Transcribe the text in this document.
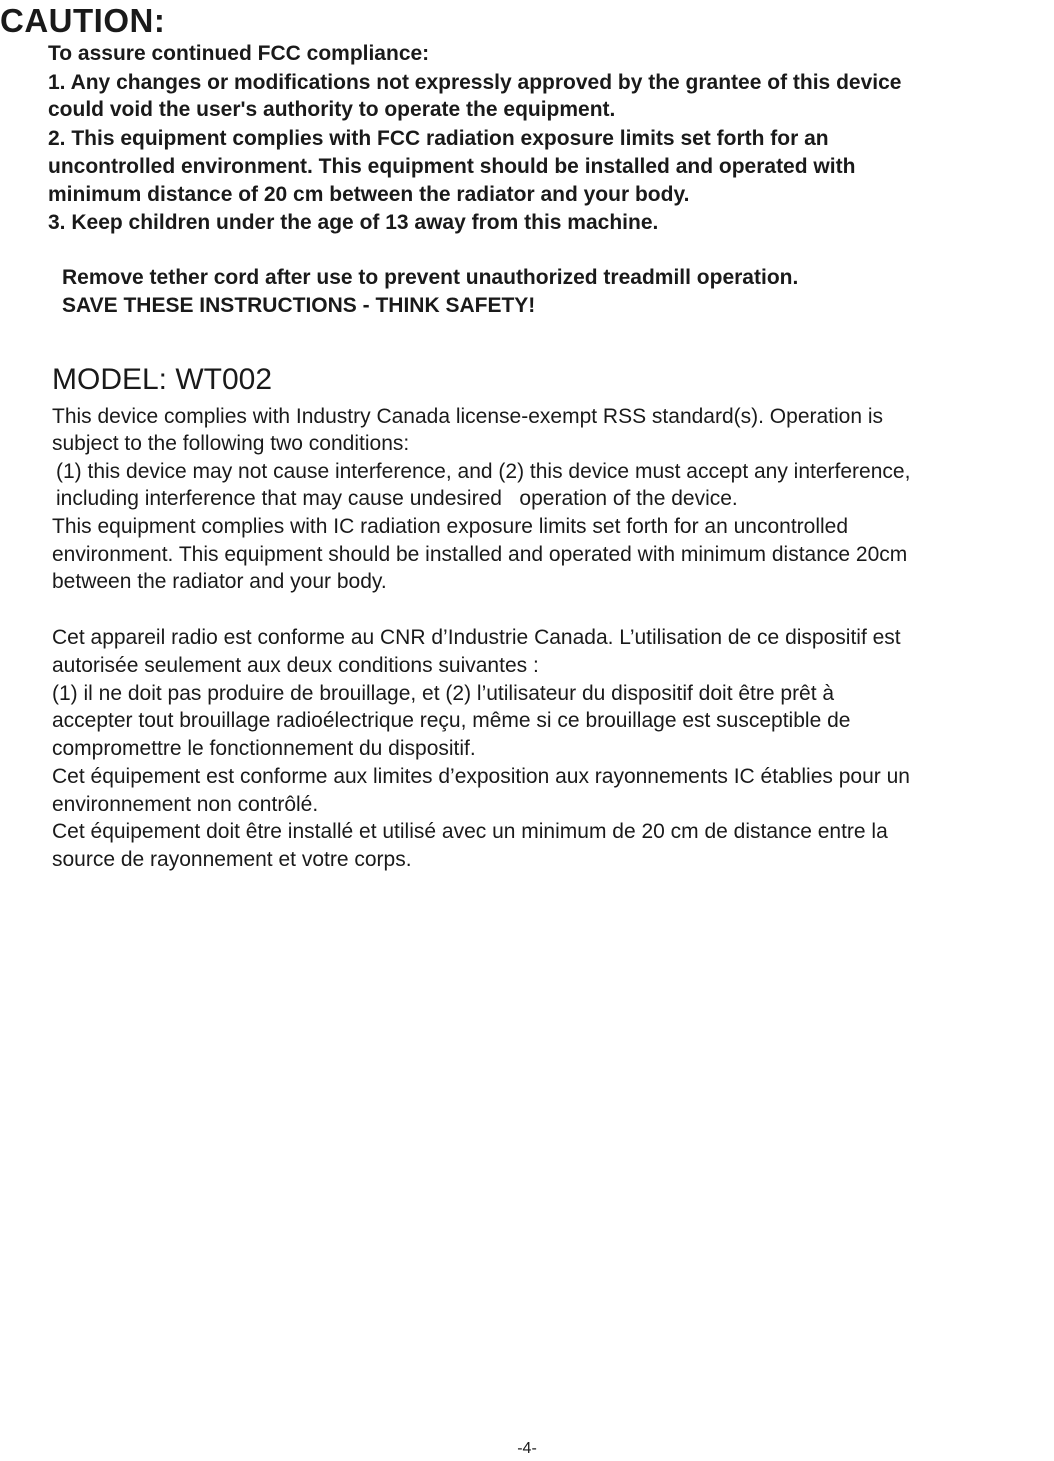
CAUTION:
To assure continued FCC compliance:
1. Any changes or modifications not expressly approved by the grantee of this device
could void the user's authority to operate the equipment.
2. This equipment complies with FCC radiation exposure limits set forth for an
uncontrolled environment. This equipment should be installed and operated with
minimum distance of 20 cm between the radiator and your body.
3. Keep children under the age of 13 away from this machine.
Remove tether cord after use to prevent unauthorized treadmill operation.
SAVE THESE INSTRUCTIONS - THINK SAFETY!
MODEL: WT002
This device complies with Industry Canada license-exempt RSS standard(s). Operation is
subject to the following two conditions:
(1) this device may not cause interference, and (2) this device must accept any interference,
including interference that may cause undesired   operation of the device.
This equipment complies with IC radiation exposure limits set forth for an uncontrolled
environment. This equipment should be installed and operated with minimum distance 20cm
between the radiator and your body.
Cet appareil radio est conforme au CNR d’Industrie Canada. L’utilisation de ce dispositif est
autorisée seulement aux deux conditions suivantes :
(1) il ne doit pas produire de brouillage, et (2) l’utilisateur du dispositif doit être prêt à
accepter tout brouillage radioélectrique reçu, même si ce brouillage est susceptible de
compromettre le fonctionnement du dispositif.
Cet équipement est conforme aux limites d’exposition aux rayonnements IC établies pour un
environnement non contrôlé.
Cet équipement doit être installé et utilisé avec un minimum de 20 cm de distance entre la
source de rayonnement et votre corps.
-4-
